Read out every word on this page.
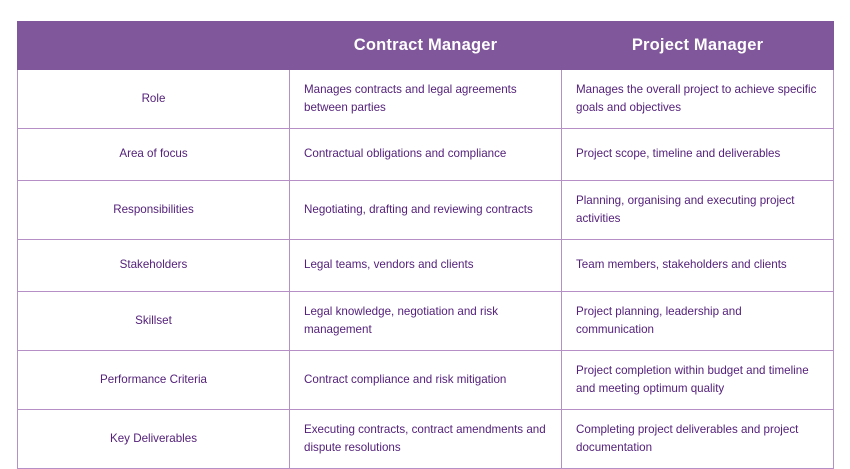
	Contract Manager	Project Manager
Role	Manages contracts and legal agreements between parties	Manages the overall project to achieve specific goals and objectives
Area of focus	Contractual obligations and compliance	Project scope, timeline and deliverables
Responsibilities	Negotiating, drafting and reviewing contracts	Planning, organising and executing project activities
Stakeholders	Legal teams, vendors and clients	Team members, stakeholders and clients
Skillset	Legal knowledge, negotiation and risk management	Project planning, leadership and communication
Performance Criteria	Contract compliance and risk mitigation	Project completion within budget and timeline and meeting optimum quality
Key Deliverables	Executing contracts, contract amendments and dispute resolutions	Completing project deliverables and project documentation
